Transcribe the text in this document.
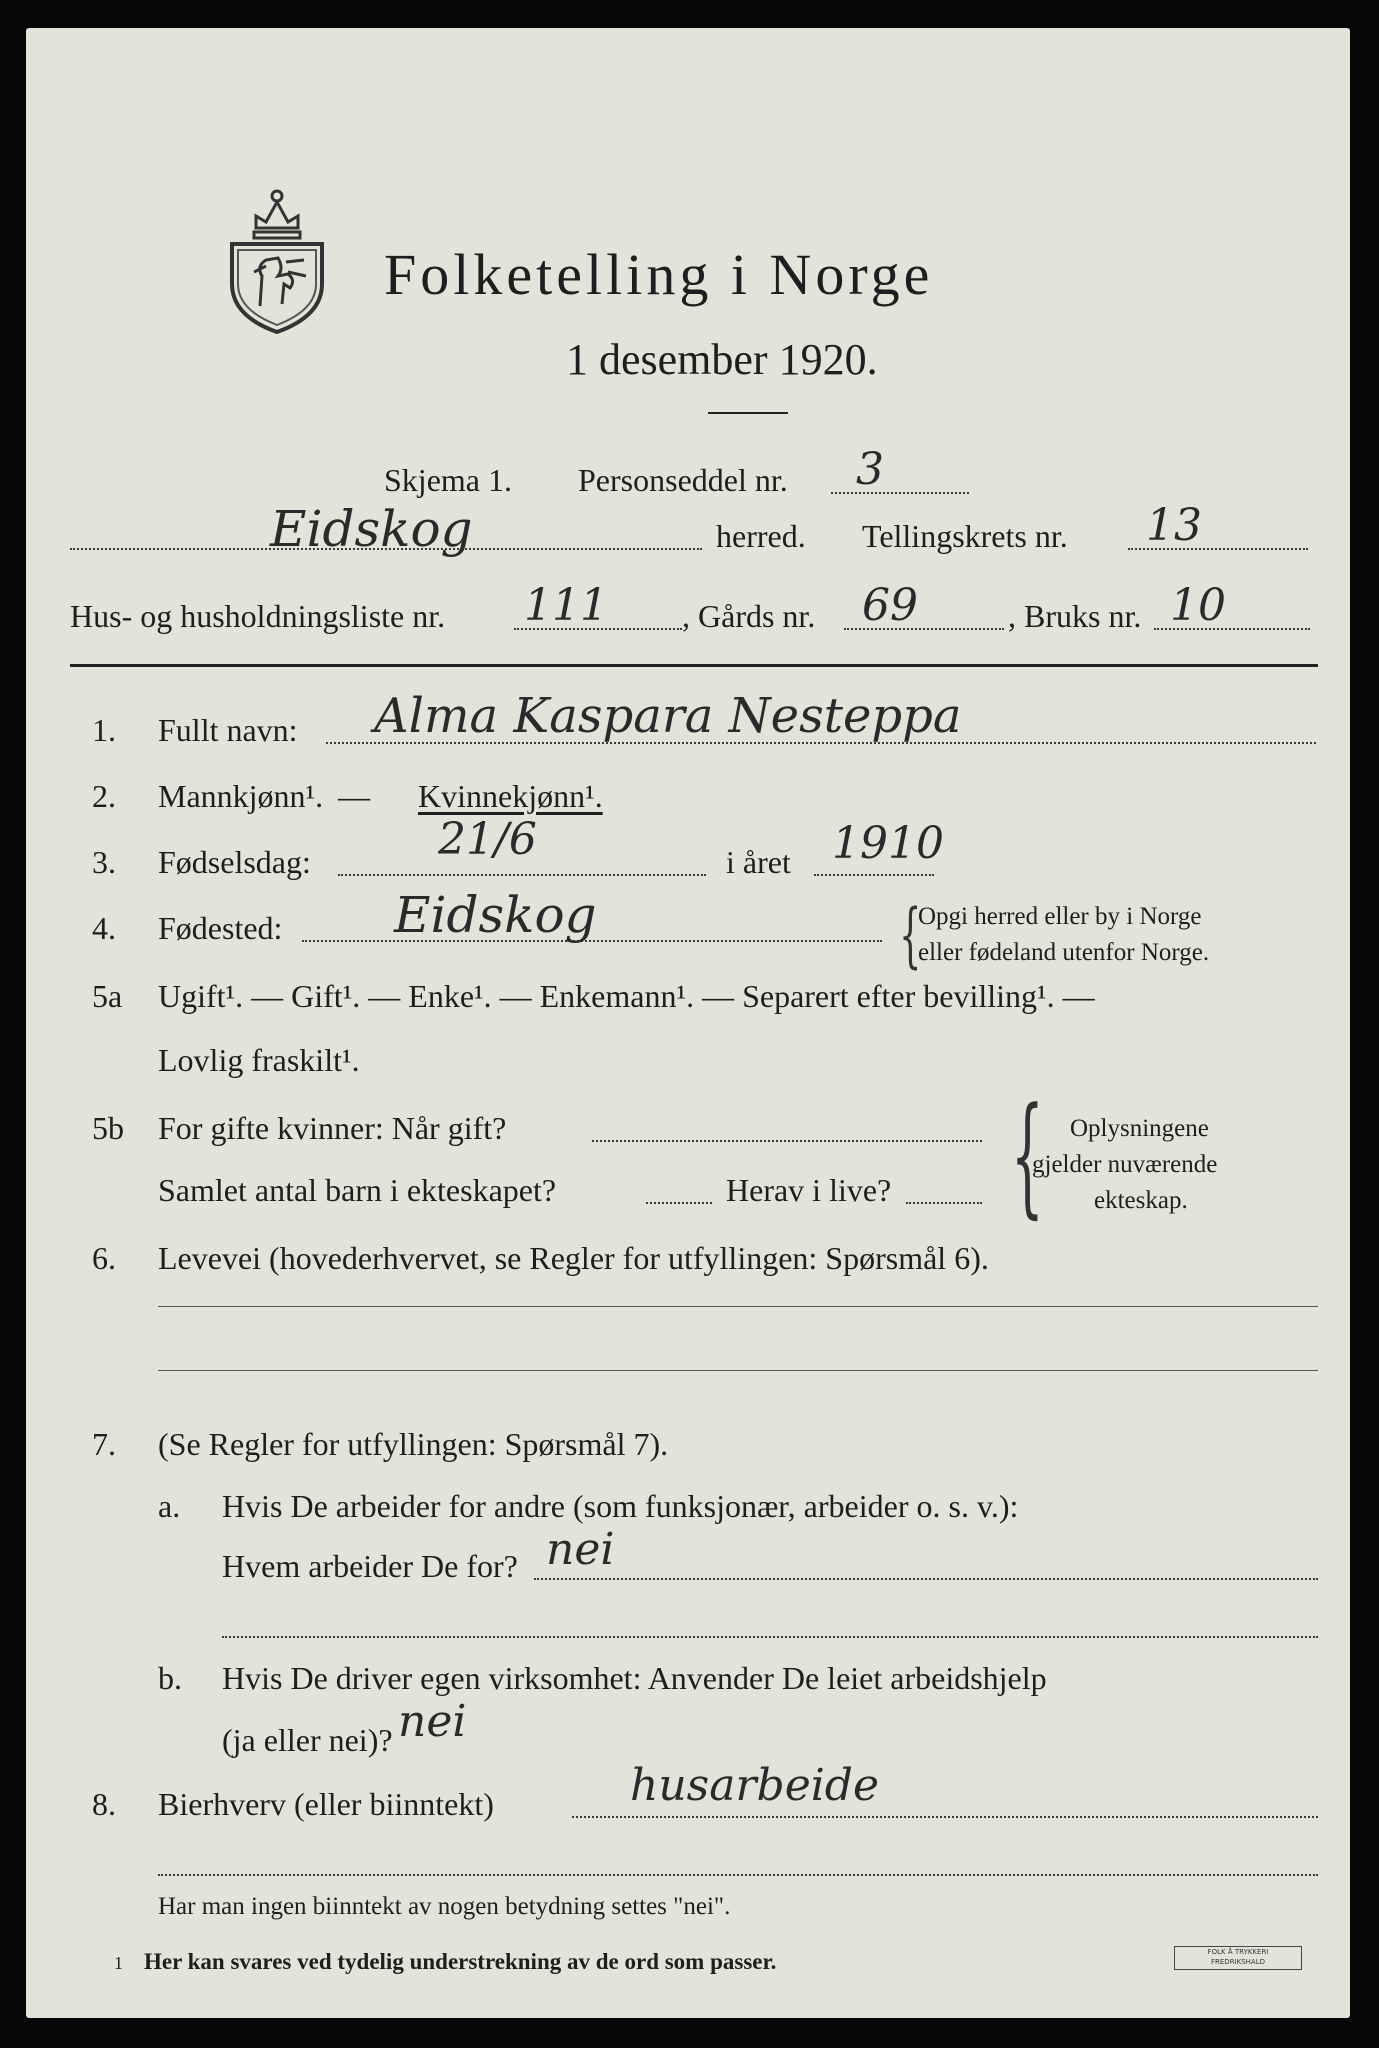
Folketelling i Norge
1 desember 1920.
Skjema 1. Personseddel nr. 3
Eidskog	herred. Tellingskrets nr. 13
Hus- og husholdningsliste nr. 111 , Gårds nr. 69	, Bruks nr. 10
1. Fullt navn: Alma Kaspara Nesteppa
2. Mannkjønn¹. — Kvinnekjønn¹.
3. Fødselsdag:	21/6	i året 1910
4. Fødested: Eidskog	{
Opgi herred eller by i Norge
eller fødeland utenfor Norge.
5a Ugift¹. — Gift¹. — Enke¹. — Enkemann¹. — Separert efter bevilling¹. —
Lovlig fraskilt¹.
5b For gifte kvinner: Når gift?
Samlet antal barn i ekteskapet?	Herav i live? { Oplysningene
gjelder nuværende
ekteskap.
6. Levevei (hovederhvervet, se Regler for utfyllingen: Spørsmål 6).
7. (Se Regler for utfyllingen: Spørsmål 7).
a. Hvis De arbeider for andre (som funksjonær, arbeider o. s. v.):
Hvem arbeider De for? nei
b. Hvis De driver egen virksomhet: Anvender De leiet arbeidshjelp
(ja eller nei)? nei
8. Bierhverv (eller biinntekt)	husarbeide
Har man ingen biinntekt av nogen betydning settes "nei".
1 Her kan svares ved tydelig understrekning av de ord som passer.	FOLK Å TRYKKERI
FREDRIKSHALD
